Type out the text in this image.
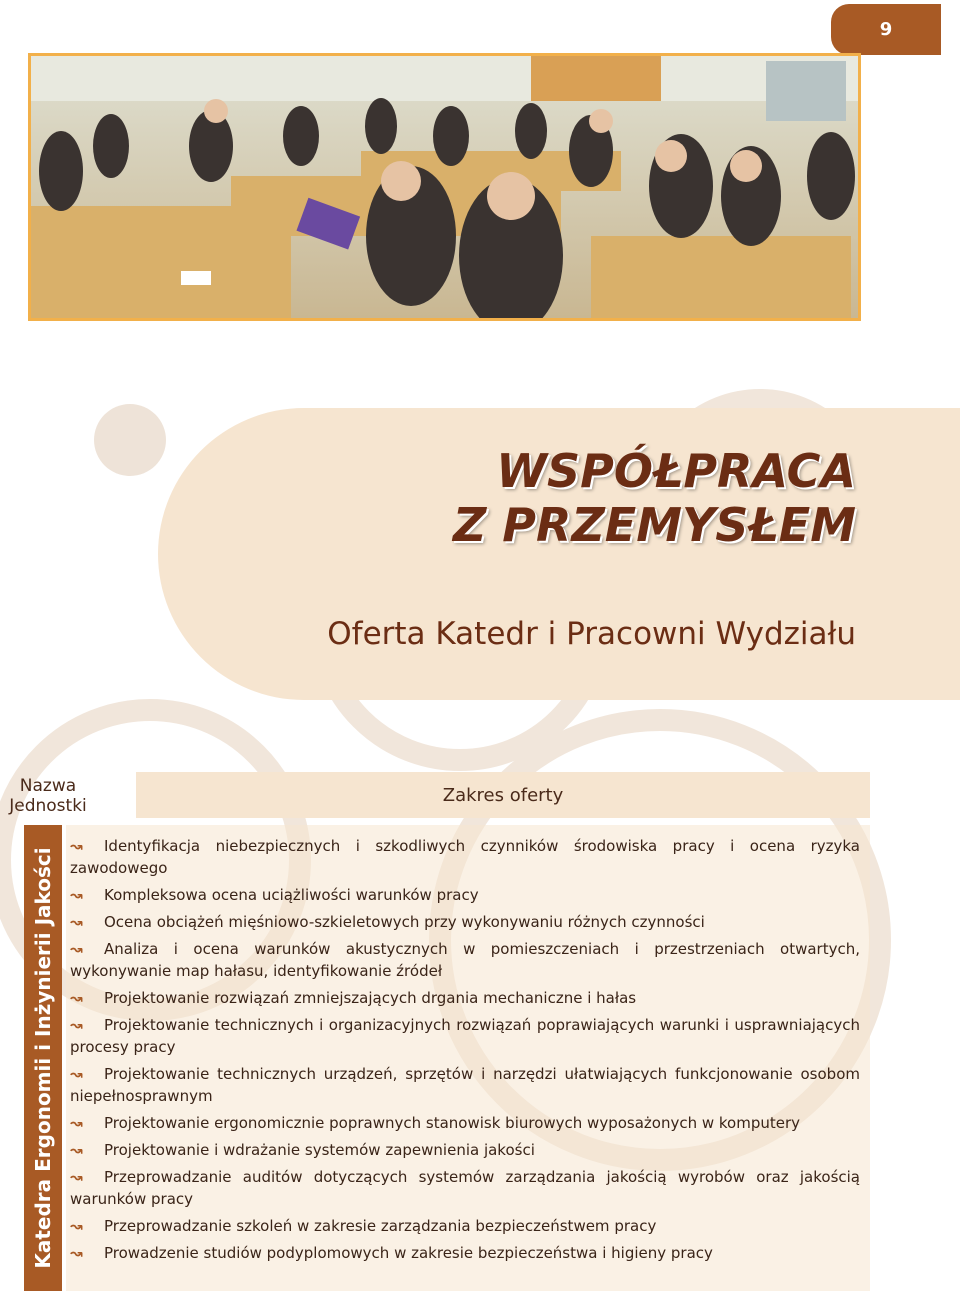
9
WSPÓŁPRACA
Z PRZEMYSŁEM
Oferta Katedr i Pracowni Wydziału
Nazwa Jednostki
Zakres oferty
Katedra Ergonomii i Inżynierii Jakości
↝ Identyfikacja niebezpiecznych i szkodliwych czynników środowiska pracy i ocena ryzyka zawodowego
↝ Kompleksowa ocena uciążliwości warunków pracy
↝ Ocena obciążeń mięśniowo-szkieletowych przy wykonywaniu różnych czynności
↝ Analiza i ocena warunków akustycznych w pomieszczeniach i przestrzeniach otwartych, wykonywanie map hałasu, identyfikowanie źródeł
↝ Projektowanie rozwiązań zmniejszających drgania mechaniczne i hałas
↝ Projektowanie technicznych i organizacyjnych rozwiązań poprawiających warunki i usprawniających procesy pracy
↝ Projektowanie technicznych urządzeń, sprzętów i narzędzi ułatwiających funkcjonowanie osobom niepełnosprawnym
↝ Projektowanie ergonomicznie poprawnych stanowisk biurowych wyposażonych w komputery
↝ Projektowanie i wdrażanie systemów zapewnienia jakości
↝ Przeprowadzanie auditów dotyczących systemów zarządzania jakością wyrobów oraz jakością warunków pracy
↝ Przeprowadzanie szkoleń w zakresie zarządzania bezpieczeństwem pracy
↝ Prowadzenie studiów podyplomowych w zakresie bezpieczeństwa i higieny pracy
